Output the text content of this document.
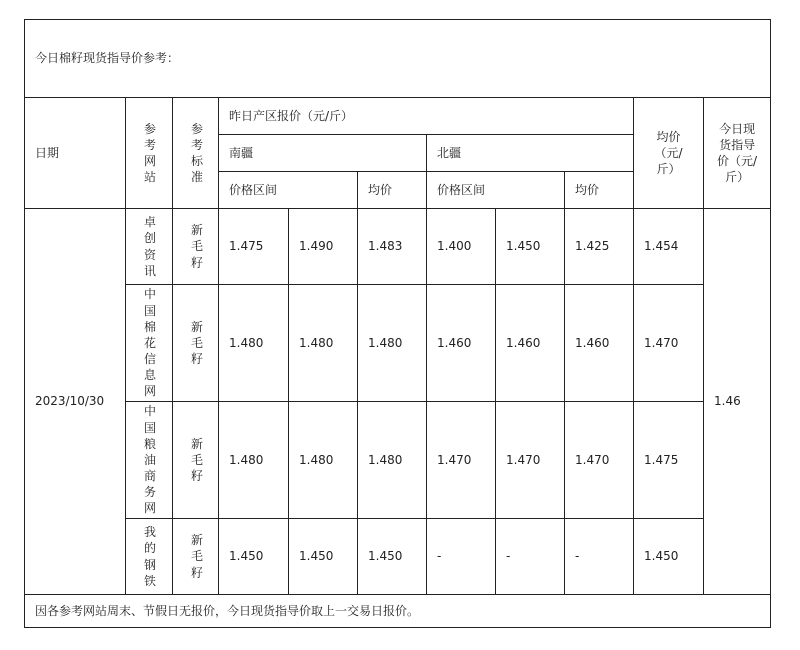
今日棉籽现货指导价参考：										
日期	参考网站	参考标准	昨日产区报价（元/斤）						均价（元/斤）	今日现货指导价（元/斤）
			南疆			北疆				
			价格区间		均价	价格区间		均价		
2023/10/30	卓创资讯	新毛籽	1.475	1.490	1.483	1.400	1.450	1.425	1.454	1.46
	中国棉花信息网	新毛籽	1.480	1.480	1.480	1.460	1.460	1.460	1.470	
	中国粮油商务网	新毛籽	1.480	1.480	1.480	1.470	1.470	1.470	1.475	
	我的钢铁	新毛籽	1.450	1.450	1.450	-	-	-	1.450	
因各参考网站周末、节假日无报价，今日现货指导价取上一交易日报价。										
